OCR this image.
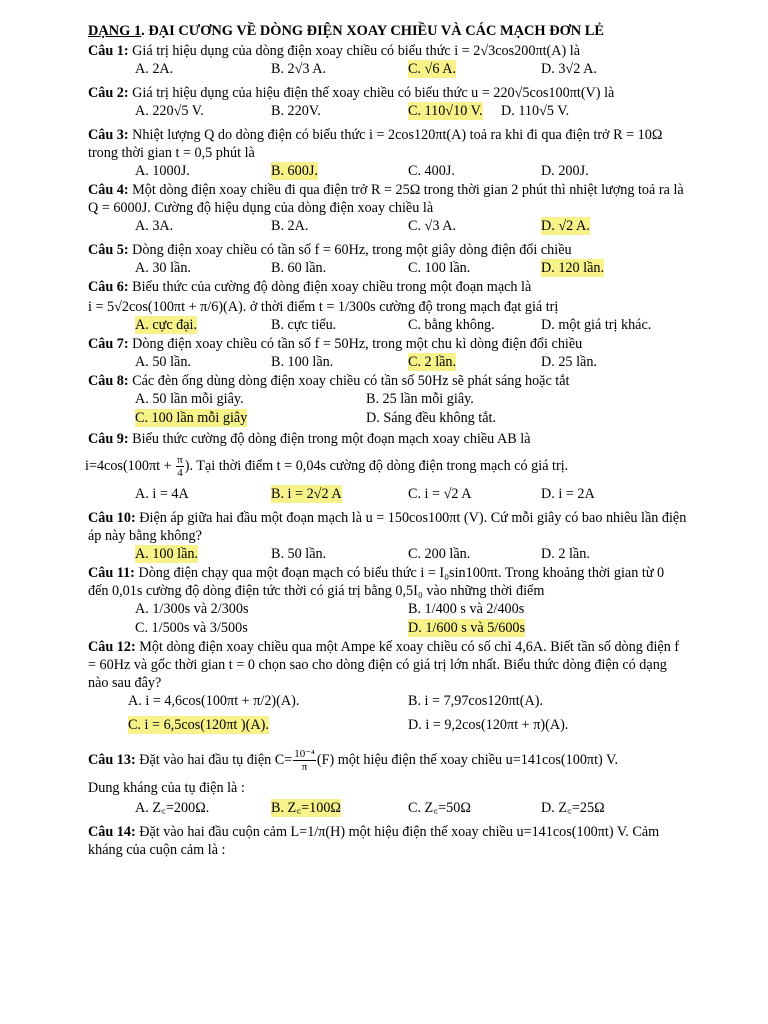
DẠNG 1. ĐẠI CƯƠNG VỀ DÒNG ĐIỆN XOAY CHIỀU VÀ CÁC MẠCH ĐƠN LẺ
Câu 1: Giá trị hiệu dụng của dòng điện xoay chiều có biểu thức i = 2√3cos200πt(A) là
A. 2A.	B. 2√3 A.	C. √6 A.	D. 3√2 A.
Câu 2: Giá trị hiệu dụng của hiệu điện thế xoay chiều có biểu thức u = 220√5cos100πt(V) là
A. 220√5 V.	B. 220V.	C. 110√10 V. D. 110√5 V.
Câu 3: Nhiệt lượng Q do dòng điện có biểu thức i = 2cos120πt(A) toả ra khi đi qua điện trở R = 10Ω trong thời gian t = 0,5 phút là
A. 1000J.	B. 600J.	C. 400J.	D. 200J.
Câu 4: Một dòng điện xoay chiều đi qua điện trở R = 25Ω trong thời gian 2 phút thì nhiệt lượng toả ra là Q = 6000J. Cường độ hiệu dụng của dòng điện xoay chiều là
A. 3A.	B. 2A.	C. √3 A.	D. √2 A.
Câu 5: Dòng điện xoay chiều có tần số f = 60Hz, trong một giây dòng điện đổi chiều
A. 30 lần.	B. 60 lần.	C. 100 lần.	D. 120 lần.
Câu 6: Biểu thức của cường độ dòng điện xoay chiều trong một đoạn mạch là
i = 5√2cos(100πt + π/6)(A). ở thời điểm t = 1/300s cường độ trong mạch đạt giá trị
A. cực đại.	B. cực tiểu.	C. bằng không.	D. một giá trị khác.
Câu 7: Dòng điện xoay chiều có tần số f = 50Hz, trong một chu kì dòng điện đổi chiều
A. 50 lần.	B. 100 lần.	C. 2 lần.	D. 25 lần.
Câu 8: Các đèn ống dùng dòng điện xoay chiều có tần số 50Hz sẽ phát sáng hoặc tắt
A. 50 lần mỗi giây.	B. 25 lần mỗi giây.
C. 100 lần mỗi giây	D. Sáng đều không tắt.
Câu 9: Biểu thức cường độ dòng điện trong một đoạn mạch xoay chiều AB là
$i=4\cos(100\pi t + \frac{\pi}{4}$ ). Tại thời điểm t = 0,04s cường độ dòng điện trong mạch có giá trị.
A. i = 4A	B. i = 2√2 A	C. i = √2 A	D. i = 2A
Câu 10: Điện áp giữa hai đầu một đoạn mạch là u = 150cos100πt (V). Cứ mỗi giây có bao nhiêu lần điện áp này bằng không?
A. 100 lần.	B. 50 lần.	C. 200 lần.	D. 2 lần.
Câu 11: Dòng điện chạy qua một đoạn mạch có biểu thức i = I₀sin100πt. Trong khoảng thời gian từ 0 đến 0,01s cường độ dòng điện tức thời có giá trị bằng 0,5I₀ vào những thời điểm
A. 1/300s và 2/300s	B. 1/400 s và 2/400s
C. 1/500s và 3/500s	D. 1/600 s và 5/600s
Câu 12: Một dòng điện xoay chiều qua một Ampe kế xoay chiều có số chỉ 4,6A. Biết tần số dòng điện f = 60Hz và gốc thời gian t = 0 chọn sao cho dòng điện có giá trị lớn nhất. Biểu thức dòng điện có dạng nào sau đây?
A. i = 4,6cos(100πt + π/2)(A).	B. i = 7,97cos120πt(A).
C. i = 6,5cos(120πt )(A).	D. i = 9,2cos(120πt + π)(A).
Câu 13: Đặt vào hai đầu tụ điện $C= \frac{\text{10⁻⁴}}{\pi} (F)$ một hiệu điện thế xoay chiều u=141cos(100πt) V.
Dung kháng của tụ điện là :
A. Z꜀=200Ω.	B. Z꜀=100Ω	C. Z꜀=50Ω	D. Z꜀=25Ω
Câu 14: Đặt vào hai đầu cuộn cảm L=1/π(H) một hiệu điện thế xoay chiều u=141cos(100πt) V. Cảm kháng của cuộn cảm là :
